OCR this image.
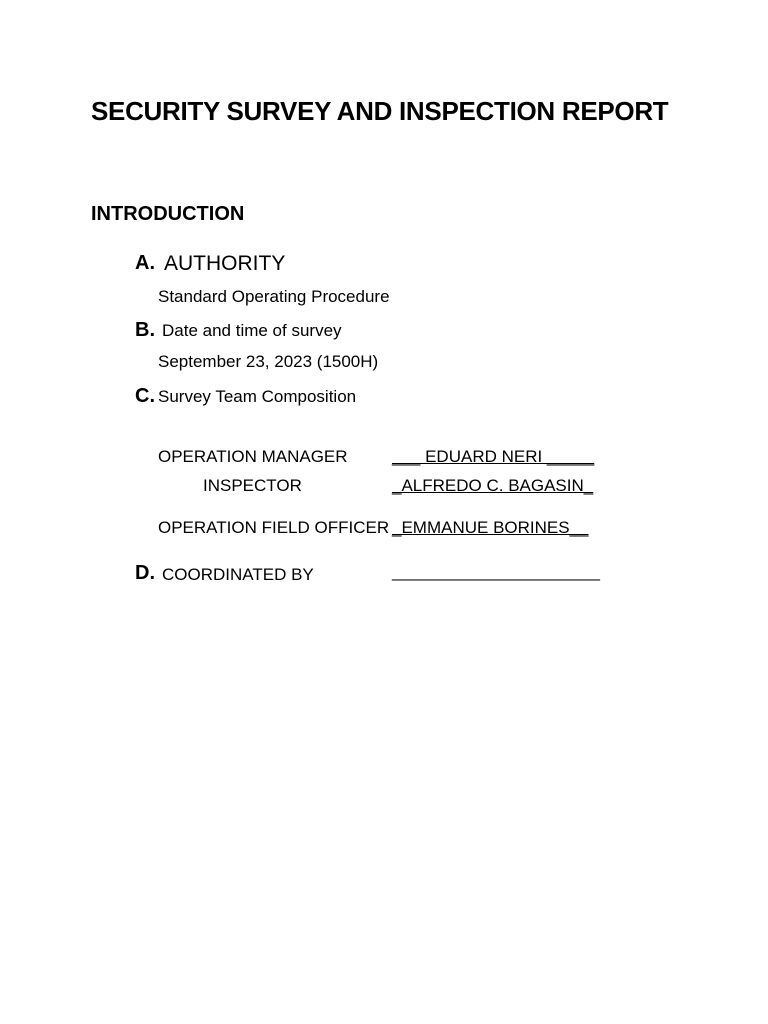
SECURITY SURVEY AND INSPECTION REPORT
INTRODUCTION
A. AUTHORITY
Standard Operating Procedure
B. Date and time of survey
September 23, 2023 (1500H)
C. Survey Team Composition
OPERATION MANAGER	___ EDUARD NERI _____
INSPECTOR	_ALFREDO C. BAGASIN_
OPERATION FIELD OFFICER _EMMANUE BORINES__
D. COORDINATED BY	______________________
